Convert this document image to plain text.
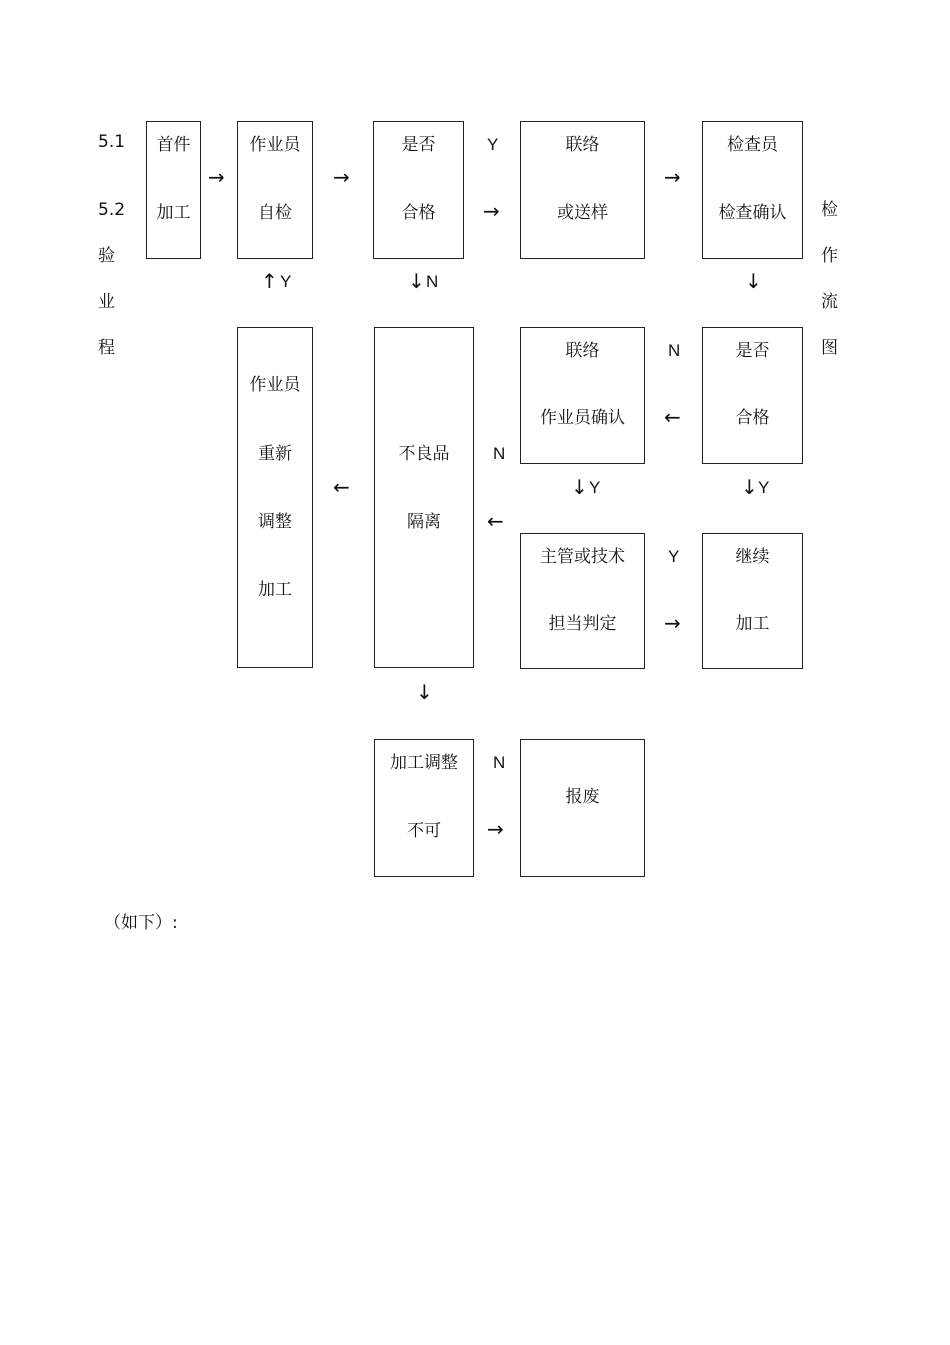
5.1
5.2
验
业
程
检
作
流
图
首件
加工
作业员
自检
是否
合格
联络
或送样
检查员
检查确认
→	→
Y
→
→
↑ Y	↓ N	↓
作业员
重新
调整
加工
不良品
隔离
联络
作业员确认
是否
合格
主管或技术
担当判定
继续
加工
N
←
N
←
←
↓ Y	↓ Y
Y
→
↓
加工调整
不可
N
→
报废
（如下）:
